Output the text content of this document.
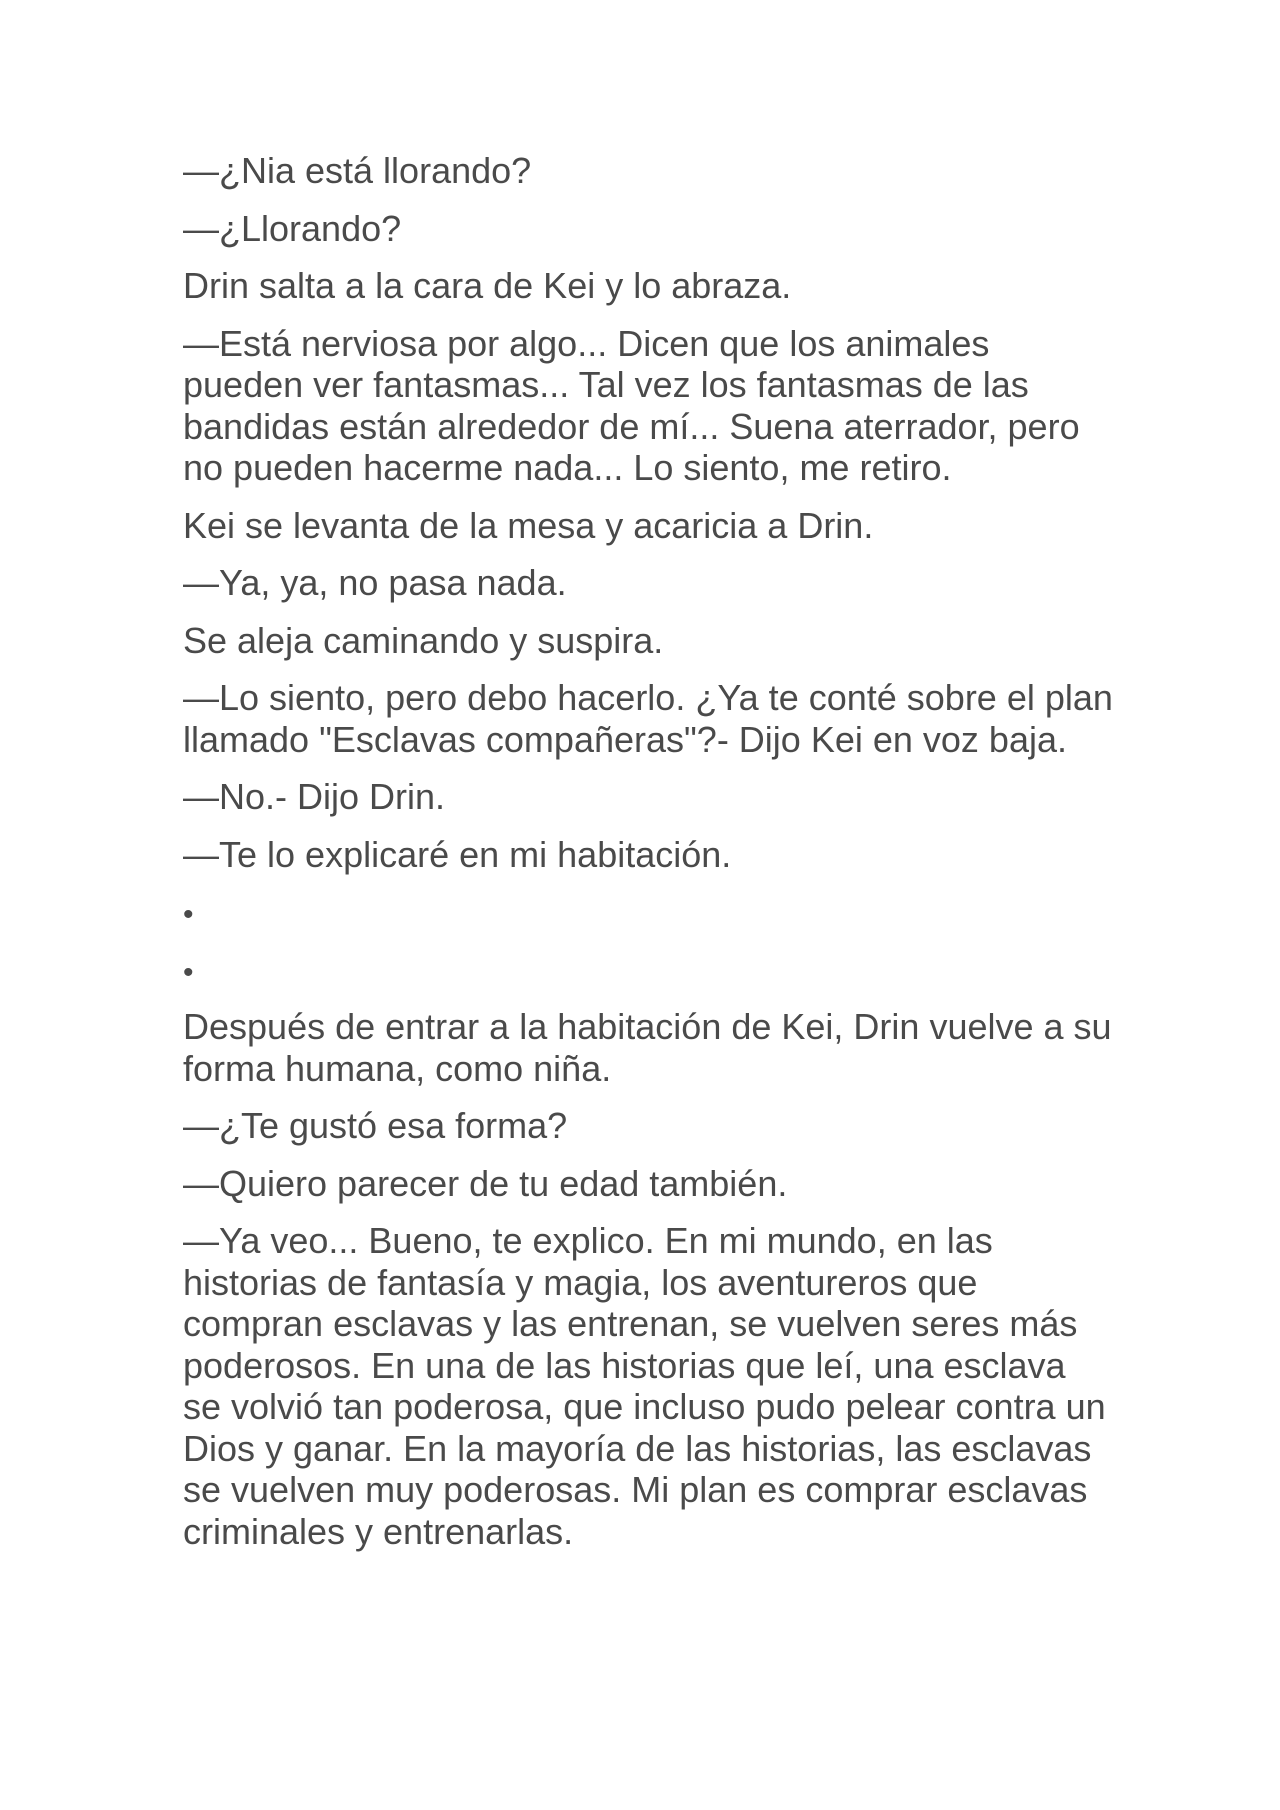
—¿Nia está llorando?

—¿Llorando?

Drin salta a la cara de Kei y lo abraza.

—Está nerviosa por algo... Dicen que los animales pueden ver fantasmas... Tal vez los fantasmas de las bandidas están alrededor de mí... Suena aterrador, pero no pueden hacerme nada... Lo siento, me retiro.

Kei se levanta de la mesa y acaricia a Drin.

—Ya, ya, no pasa nada.

Se aleja caminando y suspira.

—Lo siento, pero debo hacerlo. ¿Ya te conté sobre el plan llamado "Esclavas compañeras"?- Dijo Kei en voz baja.

—No.- Dijo Drin.

—Te lo explicaré en mi habitación.

•
•

Después de entrar a la habitación de Kei, Drin vuelve a su forma humana, como niña.

—¿Te gustó esa forma?

—Quiero parecer de tu edad también.

—Ya veo... Bueno, te explico. En mi mundo, en las historias de fantasía y magia, los aventureros que compran esclavas y las entrenan, se vuelven seres más poderosos. En una de las historias que leí, una esclava se volvió tan poderosa, que incluso pudo pelear contra un Dios y ganar. En la mayoría de las historias, las esclavas se vuelven muy poderosas. Mi plan es comprar esclavas criminales y entrenarlas.
